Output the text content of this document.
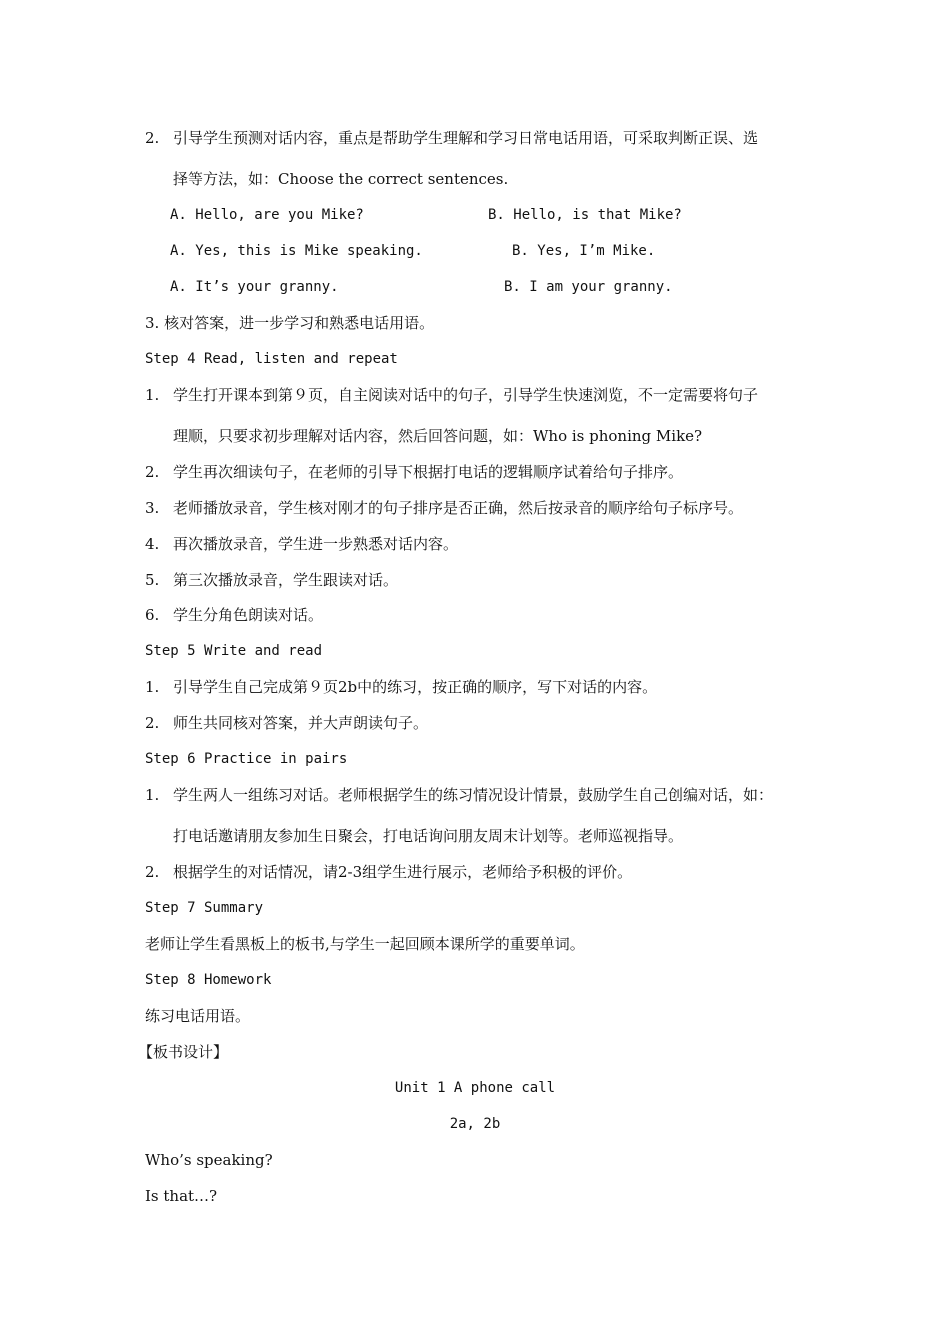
2. 引导学生预测对话内容，重点是帮助学生理解和学习日常电话用语，可采取判断正误、选
择等方法，如：Choose the correct sentences.
A. Hello, are you Mike?	B. Hello, is that Mike?
A. Yes, this is Mike speaking.	B. Yes, I’m Mike.
A. It’s your granny.	B. I am your granny.
3. 核对答案，进一步学习和熟悉电话用语。
Step 4 Read, listen and repeat
1. 学生打开课本到第９页，自主阅读对话中的句子，引导学生快速浏览，不一定需要将句子
理顺，只要求初步理解对话内容，然后回答问题，如：Who is phoning Mike?
2. 学生再次细读句子，在老师的引导下根据打电话的逻辑顺序试着给句子排序。
3. 老师播放录音，学生核对刚才的句子排序是否正确，然后按录音的顺序给句子标序号。
4. 再次播放录音，学生进一步熟悉对话内容。
5. 第三次播放录音，学生跟读对话。
6. 学生分角色朗读对话。
Step 5 Write and read
1. 引导学生自己完成第９页2b中的练习，按正确的顺序，写下对话的内容。
2. 师生共同核对答案，并大声朗读句子。
Step 6 Practice in pairs
1. 学生两人一组练习对话。老师根据学生的练习情况设计情景，鼓励学生自己创编对话，如：
打电话邀请朋友参加生日聚会，打电话询问朋友周末计划等。老师巡视指导。
2. 根据学生的对话情况，请2-3组学生进行展示，老师给予积极的评价。
Step 7 Summary
老师让学生看黑板上的板书,与学生一起回顾本课所学的重要单词。
Step 8 Homework
练习电话用语。
【板书设计】
Unit 1 A phone call
2a, 2b
Who’s speaking?
Is that…?
